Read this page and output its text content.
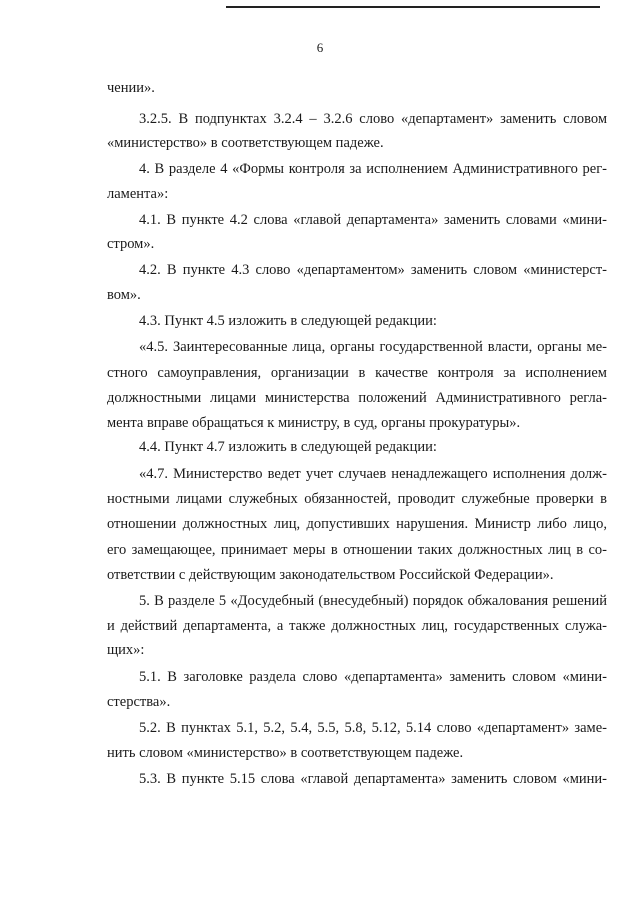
6
чении».
3.2.5. В подпунктах 3.2.4 – 3.2.6 слово «департамент» заменить словом
«министерство» в соответствующем падеже.
4. В разделе 4 «Формы контроля за исполнением Административного рег-
ламента»:
4.1. В пункте 4.2 слова «главой департамента» заменить словами «мини-
стром».
4.2. В пункте 4.3 слово «департаментом» заменить словом «министерст-
вом».
4.3. Пункт 4.5 изложить в следующей редакции:
«4.5. Заинтересованные лица, органы государственной власти, органы ме-
стного самоуправления, организации в качестве контроля за исполнением
должностными лицами министерства положений Административного регла-
мента вправе обращаться к министру, в суд, органы прокуратуры».
4.4. Пункт 4.7 изложить в следующей редакции:
«4.7. Министерство ведет учет случаев ненадлежащего исполнения долж-
ностными лицами служебных обязанностей, проводит служебные проверки в
отношении должностных лиц, допустивших нарушения. Министр либо лицо,
его замещающее, принимает меры в отношении таких должностных лиц в со-
ответствии с действующим законодательством Российской Федерации».
5. В разделе 5 «Досудебный (внесудебный) порядок обжалования решений
и действий департамента, а также должностных лиц, государственных служа-
щих»:
5.1. В заголовке раздела слово «департамента» заменить словом «мини-
стерства».
5.2. В пунктах 5.1, 5.2, 5.4, 5.5, 5.8, 5.12, 5.14 слово «департамент» заме-
нить словом «министерство» в соответствующем падеже.
5.3. В пункте 5.15 слова «главой департамента» заменить словом «мини-
